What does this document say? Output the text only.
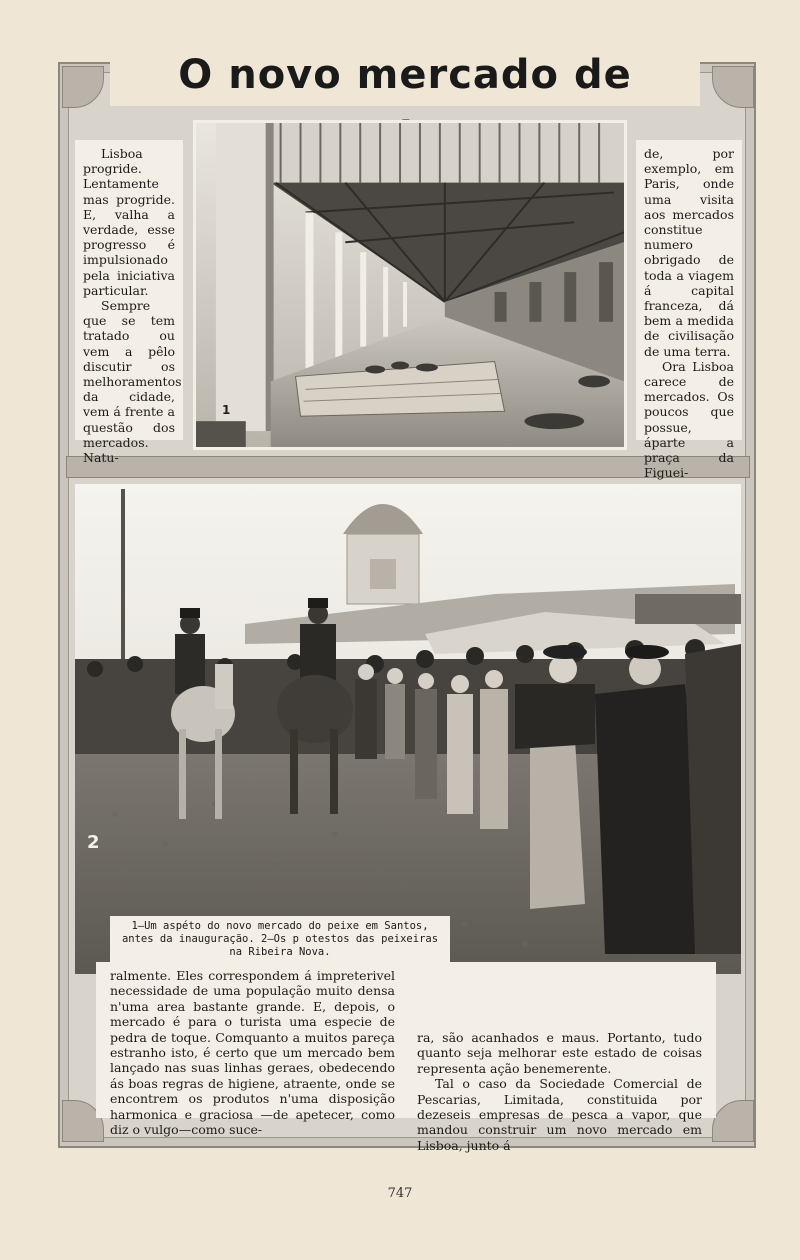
O novo mercado de

Lisboa progride. Lentamente mas progride. E, valha a verdade, esse progresso é impulsionado pela iniciativa particular.

Sempre que se tem tratado ou vem a pêlo discutir os melhoramentos da cidade, vem á frente a questão dos mercados. Natu-

de, por exemplo, em Paris, onde uma visita aos mercados constitue numero obrigado de toda a viagem á capital franceza, dá bem a medida de civilisação de uma terra.

Ora Lisboa carece de mercados. Os poucos que possue, áparte a praça da Figuei-

1
2
1—Um aspéto do novo mercado do peixe em Santos,
antes da inauguração. 2—Os p otestos das peixeiras
na Ribeira Nova.

ralmente. Eles correspondem á impreterivel necessidade de uma população muito densa n'uma area bastante grande. E, depois, o mercado é para o turista uma especie de pedra de toque. Comquanto a muitos pareça estranho isto, é certo que um mercado bem lançado nas suas linhas geraes, obedecendo ás boas regras de higiene, atraente, onde se encontrem os produtos n'uma disposição harmonica e graciosa —de apetecer, como diz o vulgo—como suce-

ra, são acanhados e maus. Portanto, tudo quanto seja melhorar este estado de coisas representa ação benemerente.

Tal o caso da Sociedade Comercial de Pescarias, Limitada, constituida por dezeseis empresas de pesca a vapor, que mandou construir um novo mercado em Lisboa, junto á

747
